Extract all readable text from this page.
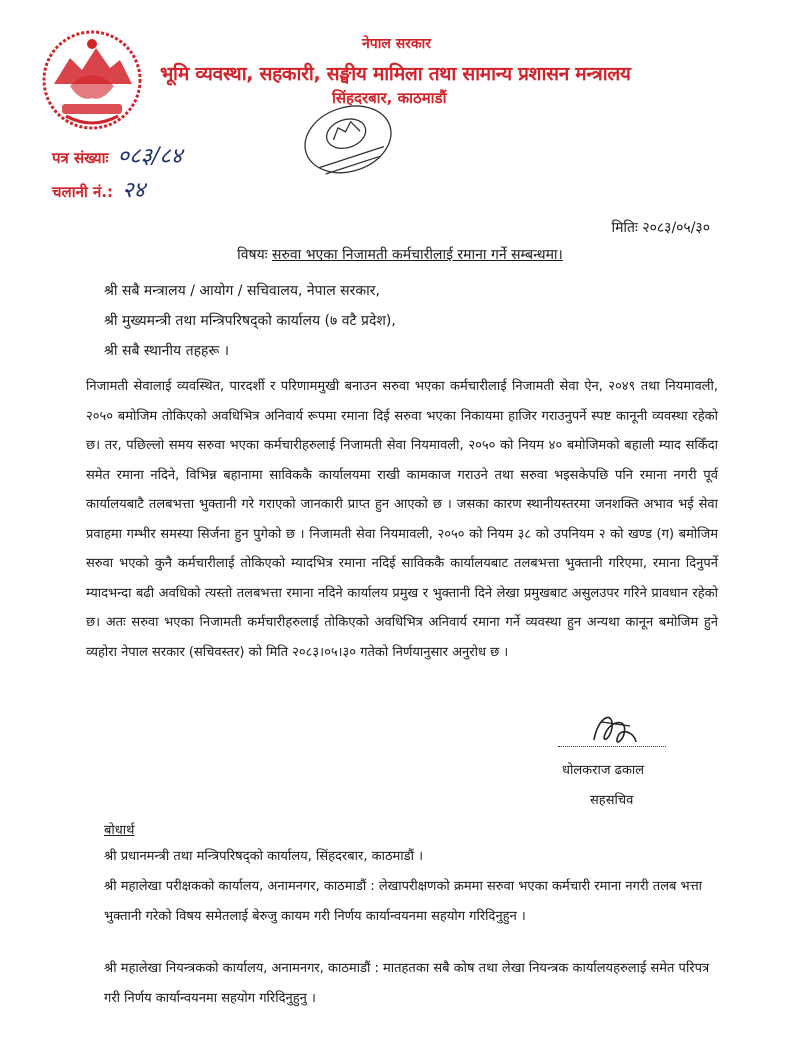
नेपाल सरकार
भूमि व्यवस्था, सहकारी, सङ्घीय मामिला तथा सामान्य प्रशासन मन्त्रालय
सिंहदरबार, काठमाडौं
पत्र संख्याः ०८३/८४
चलानी नं.: २४
मितिः २०८३/०५/३०
विषयः सरुवा भएका निजामती कर्मचारीलाई रमाना गर्ने सम्बन्धमा।
श्री सबै मन्त्रालय / आयोग / सचिवालय, नेपाल सरकार,
श्री मुख्यमन्त्री तथा मन्त्रिपरिषद्को कार्यालय (७ वटै प्रदेश),
श्री सबै स्थानीय तहहरू ।
निजामती सेवालाई व्यवस्थित, पारदर्शी र परिणाममुखी बनाउन सरुवा भएका कर्मचारीलाई निजामती सेवा ऐन, २०४९ तथा नियमावली, २०५० बमोजिम तोकिएको अवधिभित्र अनिवार्य रूपमा रमाना दिई सरुवा भएका निकायमा हाजिर गराउनुपर्ने स्पष्ट कानूनी व्यवस्था रहेको छ। तर, पछिल्लो समय सरुवा भएका कर्मचारीहरुलाई निजामती सेवा नियमावली, २०५० को नियम ४० बमोजिमको बहाली म्याद सकिँदा समेत रमाना नदिने, विभिन्न बहानामा साविककै कार्यालयमा राखी कामकाज गराउने तथा सरुवा भइसकेपछि पनि रमाना नगरी पूर्व कार्यालयबाटै तलबभत्ता भुक्तानी गरे गराएको जानकारी प्राप्त हुन आएको छ । जसका कारण स्थानीयस्तरमा जनशक्ति अभाव भई सेवा प्रवाहमा गम्भीर समस्या सिर्जना हुन पुगेको छ । निजामती सेवा नियमावली, २०५० को नियम ३८ को उपनियम २ को खण्ड (ग) बमोजिम सरुवा भएको कुनै कर्मचारीलाई तोकिएको म्यादभित्र रमाना नदिई साविककै कार्यालयबाट तलबभत्ता भुक्तानी गरिएमा, रमाना दिनुपर्ने म्यादभन्दा बढी अवधिको त्यस्तो तलबभत्ता रमाना नदिने कार्यालय प्रमुख र भुक्तानी दिने लेखा प्रमुखबाट असुलउपर गरिने प्रावधान रहेको छ। अतः सरुवा भएका निजामती कर्मचारीहरुलाई तोकिएको अवधिभित्र अनिवार्य रमाना गर्ने व्यवस्था हुन अन्यथा कानून बमोजिम हुने व्यहोरा नेपाल सरकार (सचिवस्तर) को मिति २०८३।०५।३० गतेको निर्णयानुसार अनुरोध छ ।
धोलकराज ढकाल
सहसचिव
बोधार्थ
श्री प्रधानमन्त्री तथा मन्त्रिपरिषद्को कार्यालय, सिंहदरबार, काठमाडौं ।
श्री महालेखा परीक्षकको कार्यालय, अनामनगर, काठमाडौं : लेखापरीक्षणको क्रममा सरुवा भएका कर्मचारी रमाना नगरी तलब भत्ता भुक्तानी गरेको विषय समेतलाई बेरुजु कायम गरी निर्णय कार्यान्वयनमा सहयोग गरिदिनुहुन ।
श्री महालेखा नियन्त्रकको कार्यालय, अनामनगर, काठमाडौं : मातहतका सबै कोष तथा लेखा नियन्त्रक कार्यालयहरुलाई समेत परिपत्र गरी निर्णय कार्यान्वयनमा सहयोग गरिदिनुहुनु ।
